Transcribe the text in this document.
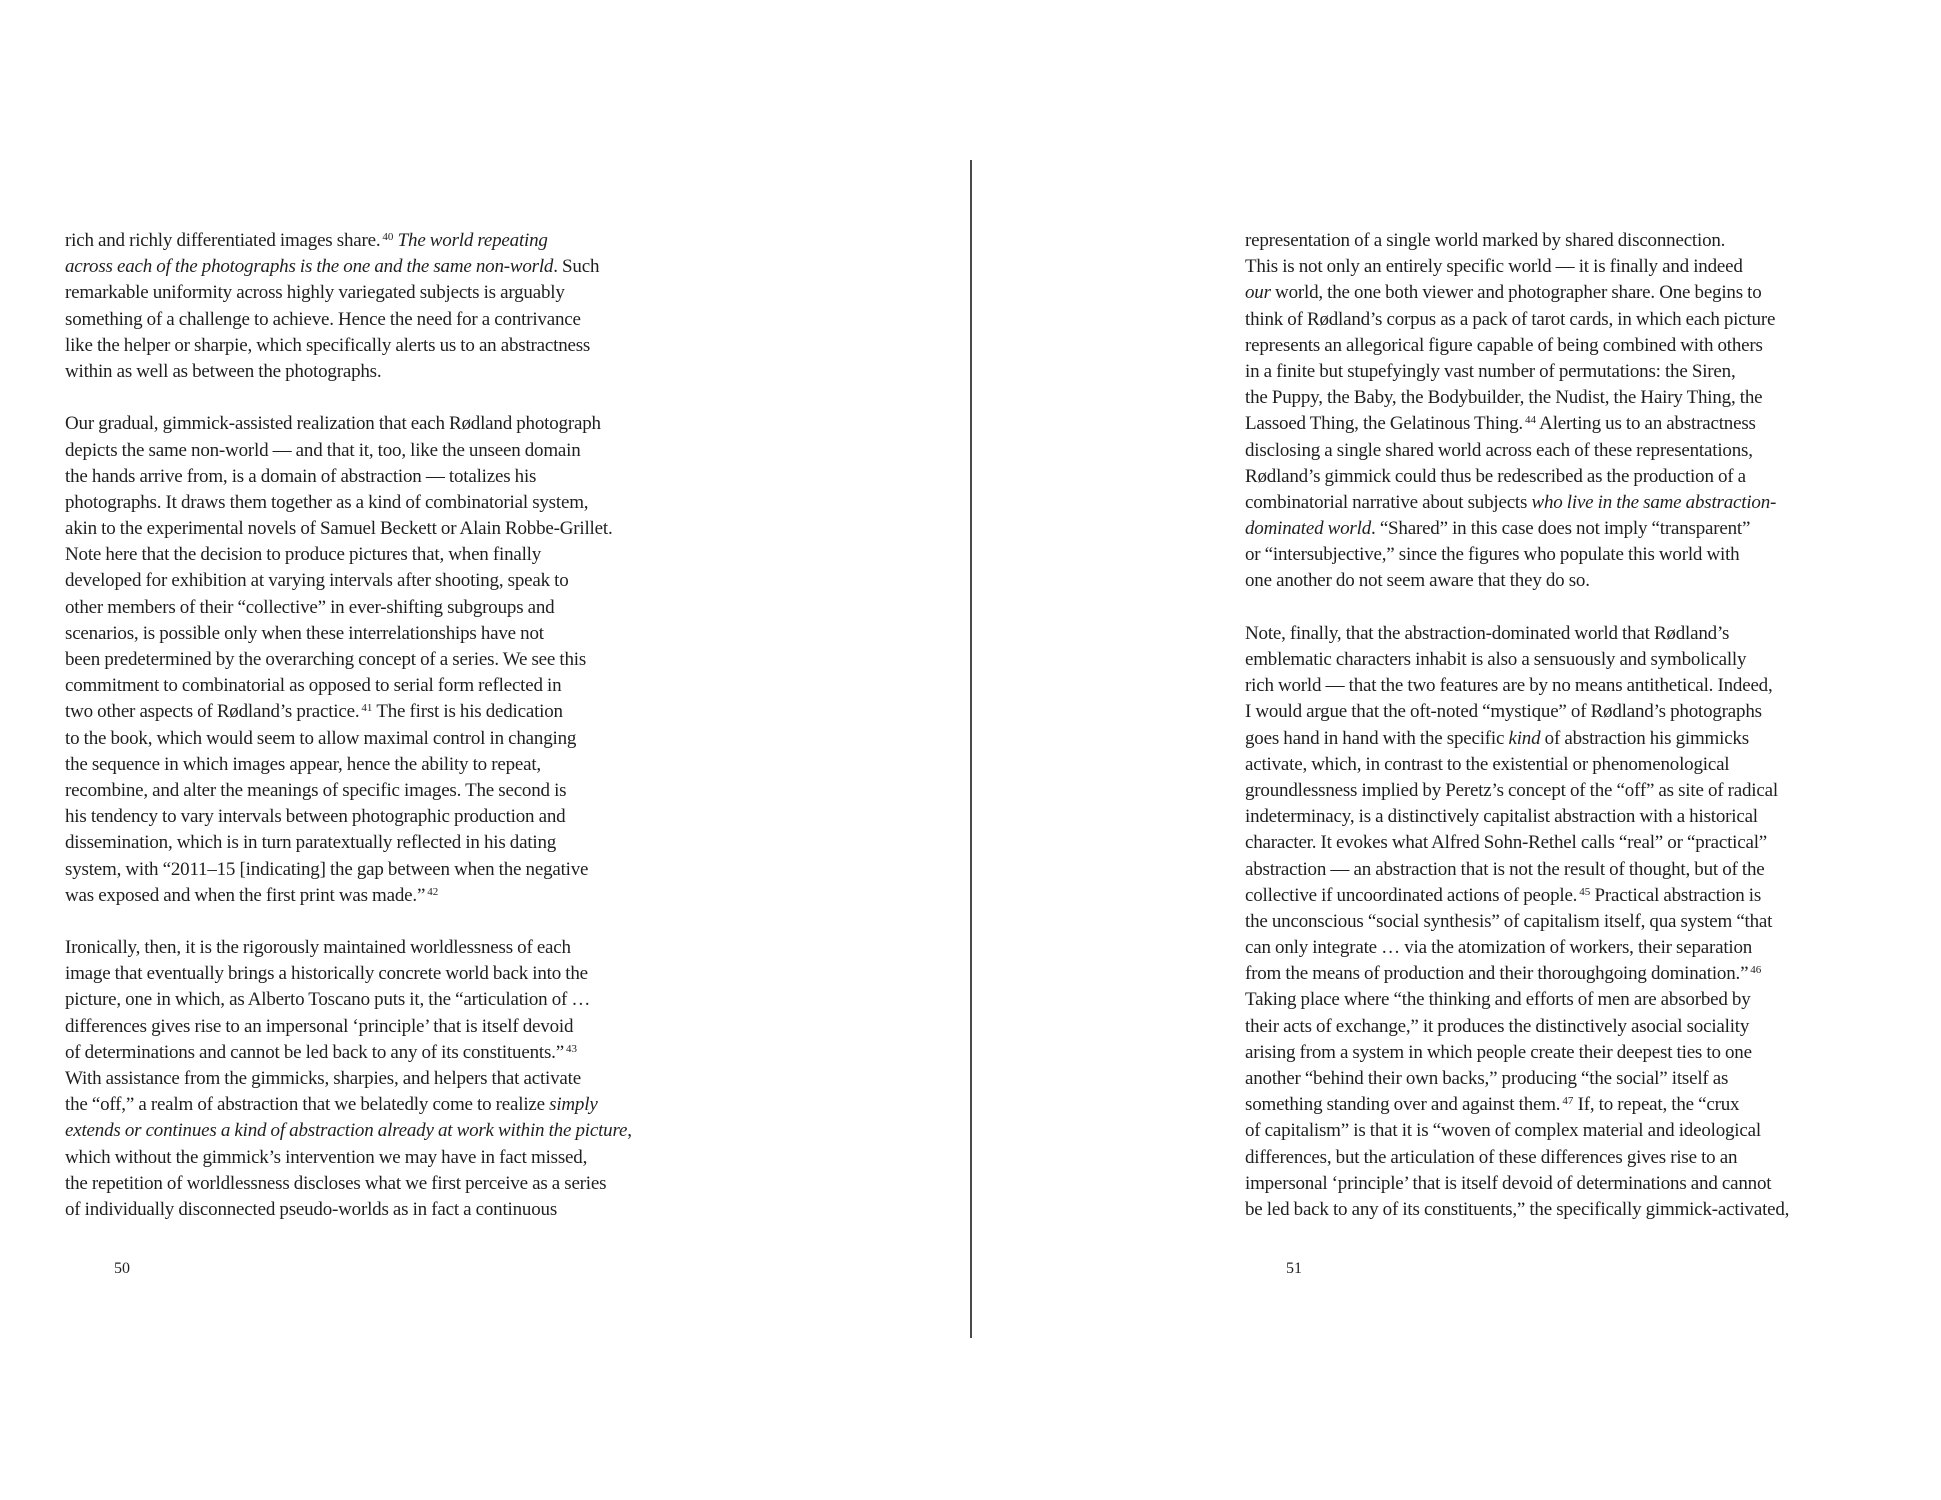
rich and richly differentiated images share. $^{40}$ The world repeating
across each of the photographs is the one and the same non-world. Such
remarkable uniformity across highly variegated subjects is arguably
something of a challenge to achieve. Hence the need for a contrivance
like the helper or sharpie, which specifically alerts us to an abstractness
within as well as between the photographs.
Our gradual, gimmick-assisted realization that each Rødland photograph
depicts the same non-world — and that it, too, like the unseen domain
the hands arrive from, is a domain of abstraction — totalizes his
photographs. It draws them together as a kind of combinatorial system,
akin to the experimental novels of Samuel Beckett or Alain Robbe-Grillet.
Note here that the decision to produce pictures that, when finally
developed for exhibition at varying intervals after shooting, speak to
other members of their “collective” in ever-shifting subgroups and
scenarios, is possible only when these interrelationships have not
been predetermined by the overarching concept of a series. We see this
commitment to combinatorial as opposed to serial form reflected in
two other aspects of Rødland’s practice. $^{41}$ The first is his dedication
to the book, which would seem to allow maximal control in changing
the sequence in which images appear, hence the ability to repeat,
recombine, and alter the meanings of specific images. The second is
his tendency to vary intervals between photographic production and
dissemination, which is in turn paratextually reflected in his dating
system, with “2011–15 [indicating] the gap between when the negative
was exposed and when the first print was made.” $^{42}$
Ironically, then, it is the rigorously maintained worldlessness of each
image that eventually brings a historically concrete world back into the
picture, one in which, as Alberto Toscano puts it, the “articulation of …
differences gives rise to an impersonal ‘principle’ that is itself devoid
of determinations and cannot be led back to any of its constituents.” $^{43}$
With assistance from the gimmicks, sharpies, and helpers that activate
the “off,” a realm of abstraction that we belatedly come to realize simply
extends or continues a kind of abstraction already at work within the picture,
which without the gimmick’s intervention we may have in fact missed,
the repetition of worldlessness discloses what we first perceive as a series
of individually disconnected pseudo-worlds as in fact a continuous
representation of a single world marked by shared disconnection.
This is not only an entirely specific world — it is finally and indeed
our world, the one both viewer and photographer share. One begins to
think of Rødland’s corpus as a pack of tarot cards, in which each picture
represents an allegorical figure capable of being combined with others
in a finite but stupefyingly vast number of permutations: the Siren,
the Puppy, the Baby, the Bodybuilder, the Nudist, the Hairy Thing, the
Lassoed Thing, the Gelatinous Thing. $^{44}$ Alerting us to an abstractness
disclosing a single shared world across each of these representations,
Rødland’s gimmick could thus be redescribed as the production of a
combinatorial narrative about subjects who live in the same abstraction-
dominated world. “Shared” in this case does not imply “transparent”
or “intersubjective,” since the figures who populate this world with
one another do not seem aware that they do so.
Note, finally, that the abstraction-dominated world that Rødland’s
emblematic characters inhabit is also a sensuously and symbolically
rich world — that the two features are by no means antithetical. Indeed,
I would argue that the oft-noted “mystique” of Rødland’s photographs
goes hand in hand with the specific kind of abstraction his gimmicks
activate, which, in contrast to the existential or phenomenological
groundlessness implied by Peretz’s concept of the “off” as site of radical
indeterminacy, is a distinctively capitalist abstraction with a historical
character. It evokes what Alfred Sohn-Rethel calls “real” or “practical”
abstraction — an abstraction that is not the result of thought, but of the
collective if uncoordinated actions of people. $^{45}$ Practical abstraction is
the unconscious “social synthesis” of capitalism itself, qua system “that
can only integrate … via the atomization of workers, their separation
from the means of production and their thoroughgoing domination.” $^{46}$
Taking place where “the thinking and efforts of men are absorbed by
their acts of exchange,” it produces the distinctively asocial sociality
arising from a system in which people create their deepest ties to one
another “behind their own backs,” producing “the social” itself as
something standing over and against them. $^{47}$ If, to repeat, the “crux
of capitalism” is that it is “woven of complex material and ideological
differences, but the articulation of these differences gives rise to an
impersonal ‘principle’ that is itself devoid of determinations and cannot
be led back to any of its constituents,” the specifically gimmick-activated,
50	51
